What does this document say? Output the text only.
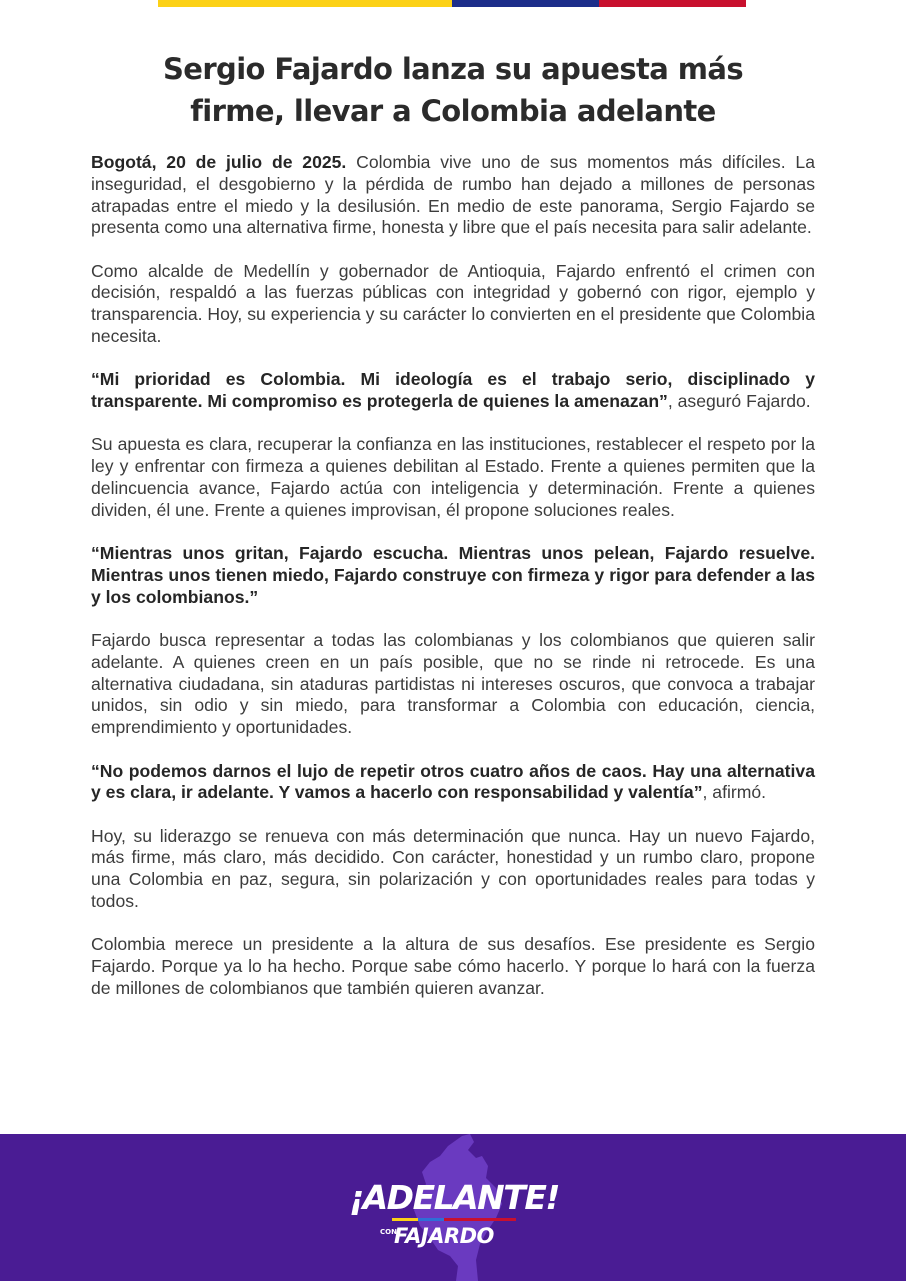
Sergio Fajardo lanza su apuesta más
firme, llevar a Colombia adelante

Bogotá, 20 de julio de 2025. Colombia vive uno de sus momentos más difíciles. La inseguridad, el desgobierno y la pérdida de rumbo han dejado a millones de personas atrapadas entre el miedo y la desilusión. En medio de este panorama, Sergio Fajardo se presenta como una alternativa firme, honesta y libre que el país necesita para salir adelante.

Como alcalde de Medellín y gobernador de Antioquia, Fajardo enfrentó el crimen con decisión, respaldó a las fuerzas públicas con integridad y gobernó con rigor, ejemplo y transparencia. Hoy, su experiencia y su carácter lo convierten en el presidente que Colombia necesita.

“Mi prioridad es Colombia. Mi ideología es el trabajo serio, disciplinado y transparente. Mi compromiso es protegerla de quienes la amenazan”, aseguró Fajardo.

Su apuesta es clara, recuperar la confianza en las instituciones, restablecer el respeto por la ley y enfrentar con firmeza a quienes debilitan al Estado. Frente a quienes permiten que la delincuencia avance, Fajardo actúa con inteligencia y determinación. Frente a quienes dividen, él une. Frente a quienes improvisan, él propone soluciones reales.

“Mientras unos gritan, Fajardo escucha. Mientras unos pelean, Fajardo resuelve. Mientras unos tienen miedo, Fajardo construye con firmeza y rigor para defender a las y los colombianos.”

Fajardo busca representar a todas las colombianas y los colombianos que quieren salir adelante. A quienes creen en un país posible, que no se rinde ni retrocede. Es una alternativa ciudadana, sin ataduras partidistas ni intereses oscuros, que convoca a trabajar unidos, sin odio y sin miedo, para transformar a Colombia con educación, ciencia, emprendimiento y oportunidades.

“No podemos darnos el lujo de repetir otros cuatro años de caos. Hay una alternativa y es clara, ir adelante. Y vamos a hacerlo con responsabilidad y valentía”, afirmó.

Hoy, su liderazgo se renueva con más determinación que nunca. Hay un nuevo Fajardo, más firme, más claro, más decidido. Con carácter, honestidad y un rumbo claro, propone una Colombia en paz, segura, sin polarización y con oportunidades reales para todas y todos.

Colombia merece un presidente a la altura de sus desafíos. Ese presidente es Sergio Fajardo. Porque ya lo ha hecho. Porque sabe cómo hacerlo. Y porque lo hará con la fuerza de millones de colombianos que también quieren avanzar.

¡ADELANTE!
CON
FAJARDO
